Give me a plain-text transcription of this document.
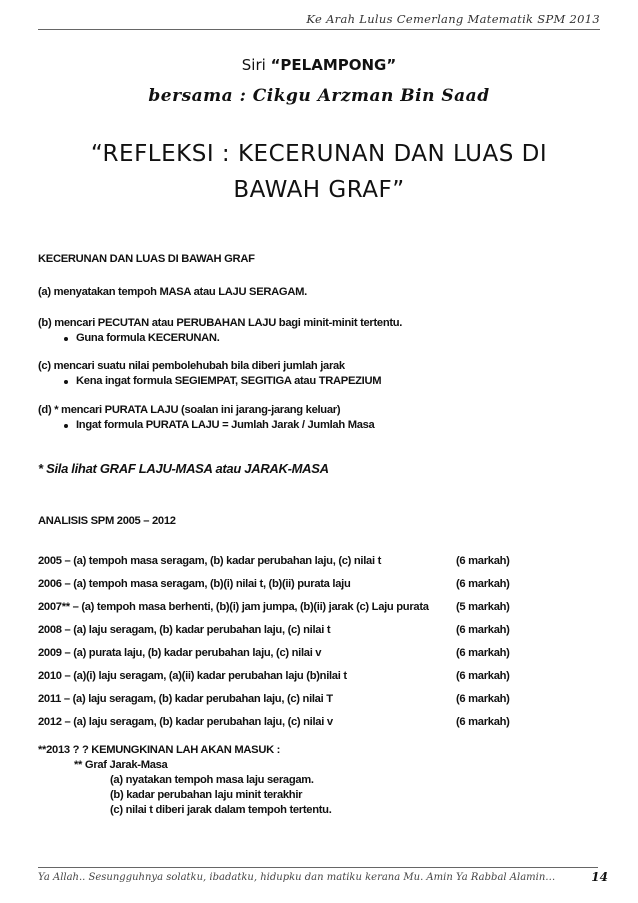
Ke Arah Lulus Cemerlang Matematik SPM 2013
Siri “PELAMPONG”
bersama : Cikgu Arzman Bin Saad
“REFLEKSI : KECERUNAN DAN LUAS DI
BAWAH GRAF”

KECERUNAN DAN LUAS DI BAWAH GRAF

(a) menyatakan tempoh MASA atau LAJU SERAGAM.

(b) mencari PECUTAN atau PERUBAHAN LAJU bagi minit-minit tertentu.

Guna formula KECERUNAN.

(c) mencari suatu nilai pembolehubah bila diberi jumlah jarak

Kena ingat formula SEGIEMPAT, SEGITIGA atau TRAPEZIUM

(d) * mencari PURATA LAJU (soalan ini jarang-jarang keluar)

Ingat formula PURATA LAJU = Jumlah Jarak / Jumlah Masa

* Sila lihat GRAF LAJU-MASA atau JARAK-MASA

ANALISIS SPM 2005 – 2012

2005 – (a) tempoh masa seragam, (b) kadar perubahan laju, (c) nilai t	(6 markah)
2006 – (a) tempoh masa seragam, (b)(i) nilai t, (b)(ii) purata laju	(6 markah)
2007** – (a) tempoh masa berhenti, (b)(i) jam jumpa, (b)(ii) jarak (c) Laju purata (5 markah)
2008 – (a) laju seragam, (b) kadar perubahan laju, (c) nilai t	(6 markah)
2009 – (a) purata laju, (b) kadar perubahan laju, (c) nilai v	(6 markah)
2010 – (a)(i) laju seragam, (a)(ii) kadar perubahan laju (b)nilai t	(6 markah)
2011 – (a) laju seragam, (b) kadar perubahan laju, (c) nilai T	(6 markah)
2012 – (a) laju seragam, (b) kadar perubahan laju, (c) nilai v	(6 markah)

**2013 ? ? KEMUNGKINAN LAH AKAN MASUK :

** Graf Jarak-Masa

(a) nyatakan tempoh masa laju seragam.

(b) kadar perubahan laju minit terakhir

(c) nilai t diberi jarak dalam tempoh tertentu.

Ya Allah.. Sesungguhnya solatku, ibadatku, hidupku dan matiku kerana Mu. Amin Ya Rabbal Alamin…	14
